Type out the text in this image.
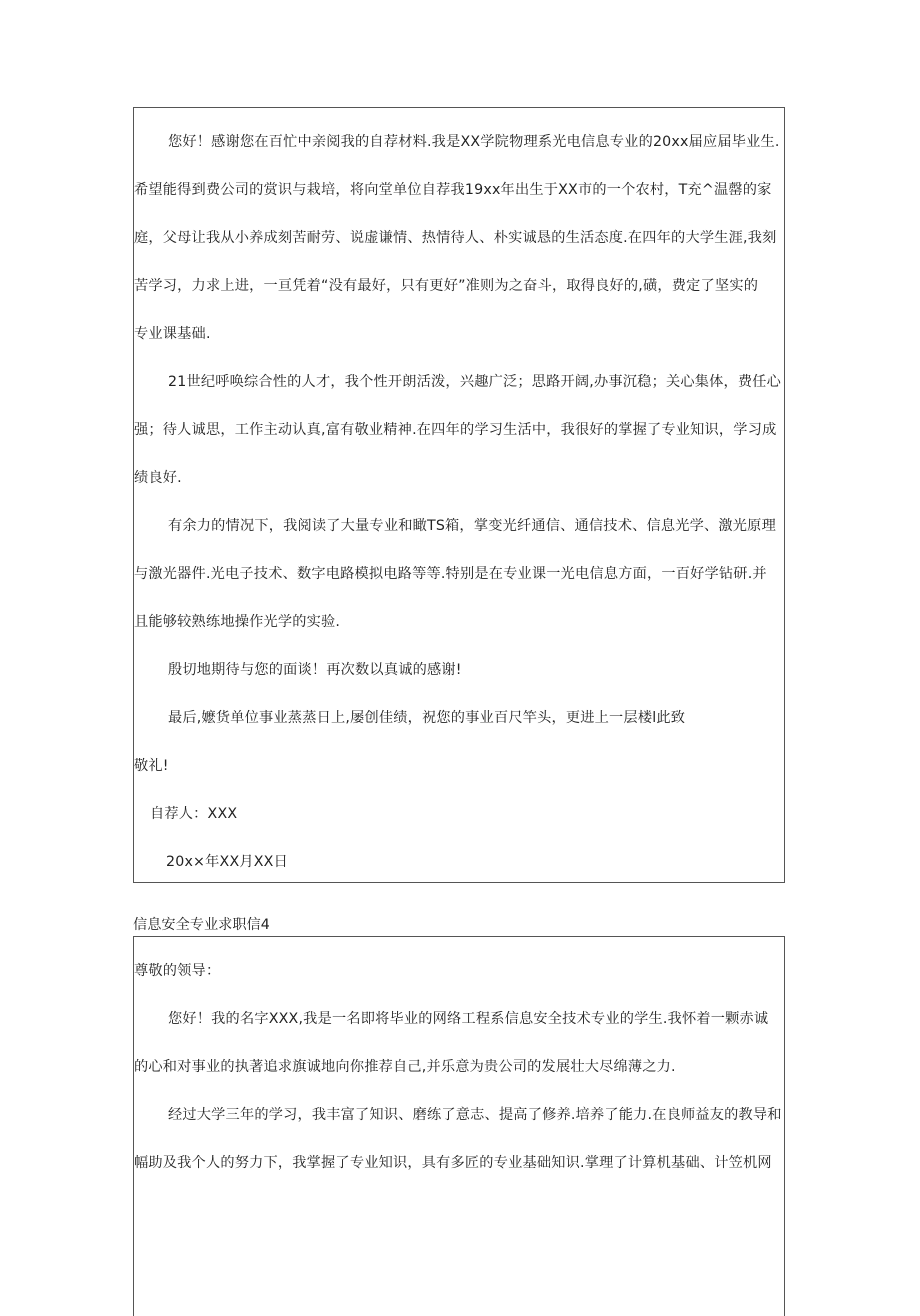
您好！感谢您在百忙中亲阅我的自荐材料.我是XX学院物理系光电信息专业的20xx届应届毕业生.
希望能得到费公司的赏识与栽培，将向堂单位自荐我19xx年出生于XX市的一个农村，T充^温罄的家
庭，父母让我从小养成刻苦耐劳、说虚谦情、热情待人、朴实诚恳的生活态度.在四年的大学生涯,我刻
苦学习，力求上进，一亘凭着“没有最好，只有更好”准则为之奋斗，取得良好的,磺，费定了坚实的
专业课基础.
21世纪呼唤综合性的人才，我个性开朗活泼，兴趣广泛；思路开阔,办事沉稳；关心集体，费任心
强；待人诚思，工作主动认真,富有敬业精神.在四年的学习生活中，我很好的掌握了专业知识，学习成
绩良好.
有余力的情况下，我阅读了大量专业和瞰TS箱，掌变光纤通信、通信技术、信息光学、激光原理
与激光器件.光电子技术、数字电路模拟电路等等.特别是在专业课一光电信息方面，一百好学钻研.并
且能够较熟练地操作光学的实验.
殷切地期待与您的面谈！再次数以真诚的感谢!
最后,嬷货单位事业蒸蒸日上,屡创佳绩，祝您的事业百尺竿头，更进上一层楼l此致
敬礼!
自荐人：XXX
20x×年XX月XX日
信息安全专业求职信4
尊敬的领导：
您好！我的名字XXX,我是一名即将毕业的网络工程系信息安全技术专业的学生.我怀着一颗赤诚
的心和对事业的执著追求旗诚地向你推荐自己,并乐意为贵公司的发展壮大尽绵薄之力.
经过大学三年的学习，我丰富了知识、磨练了意志、提高了修养.培养了能力.在良师益友的教导和
幅助及我个人的努力下，我掌握了专业知识，具有多匠的专业基础知识.掌理了计算机基础、计笠机网
